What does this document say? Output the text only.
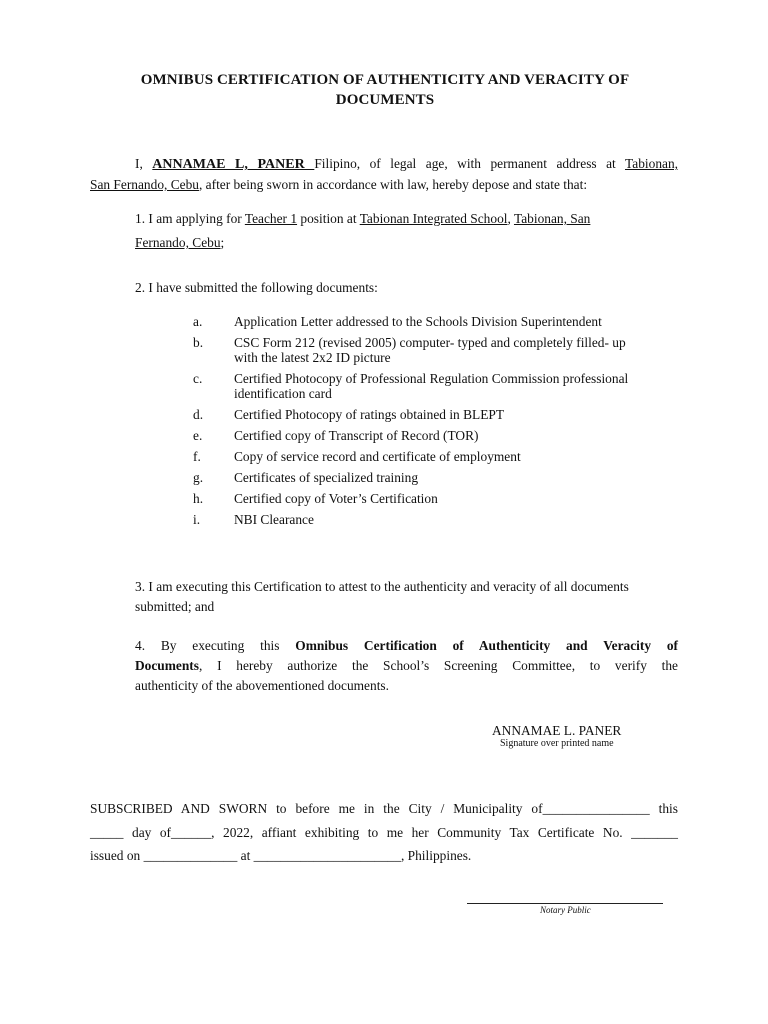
OMNIBUS CERTIFICATION OF AUTHENTICITY AND VERACITY OF
DOCUMENTS
I, ANNAMAE L, PANER Filipino, of legal age, with permanent address at Tabionan,
San Fernando, Cebu, after being sworn in accordance with law, hereby depose and state that:
1. I am applying for Teacher 1 position at Tabionan Integrated School, Tabionan, San
Fernando, Cebu;
2. I have submitted the following documents:
a. Application Letter addressed to the Schools Division Superintendent
b. CSC Form 212 (revised 2005) computer- typed and completely filled- up with the latest 2x2 ID picture
c. Certified Photocopy of Professional Regulation Commission professional identification card
d. Certified Photocopy of ratings obtained in BLEPT
e. Certified copy of Transcript of Record (TOR)
f. Copy of service record and certificate of employment
g. Certificates of specialized training
h. Certified copy of Voter’s Certification
i.	NBI Clearance
3. I am executing this Certification to attest to the authenticity and veracity of all documents
submitted; and
4. By executing this Omnibus Certification of Authenticity and Veracity of
Documents, I hereby authorize the School’s Screening Committee, to verify the
authenticity of the abovementioned documents.
ANNAMAE L. PANER
Signature over printed name
SUBSCRIBED AND SWORN to before me in the City / Municipality of________________ this
_____ day of______, 2022, affiant exhibiting to me her Community Tax Certificate No. _______
issued on ______________ at ______________________, Philippines.
Notary Public
